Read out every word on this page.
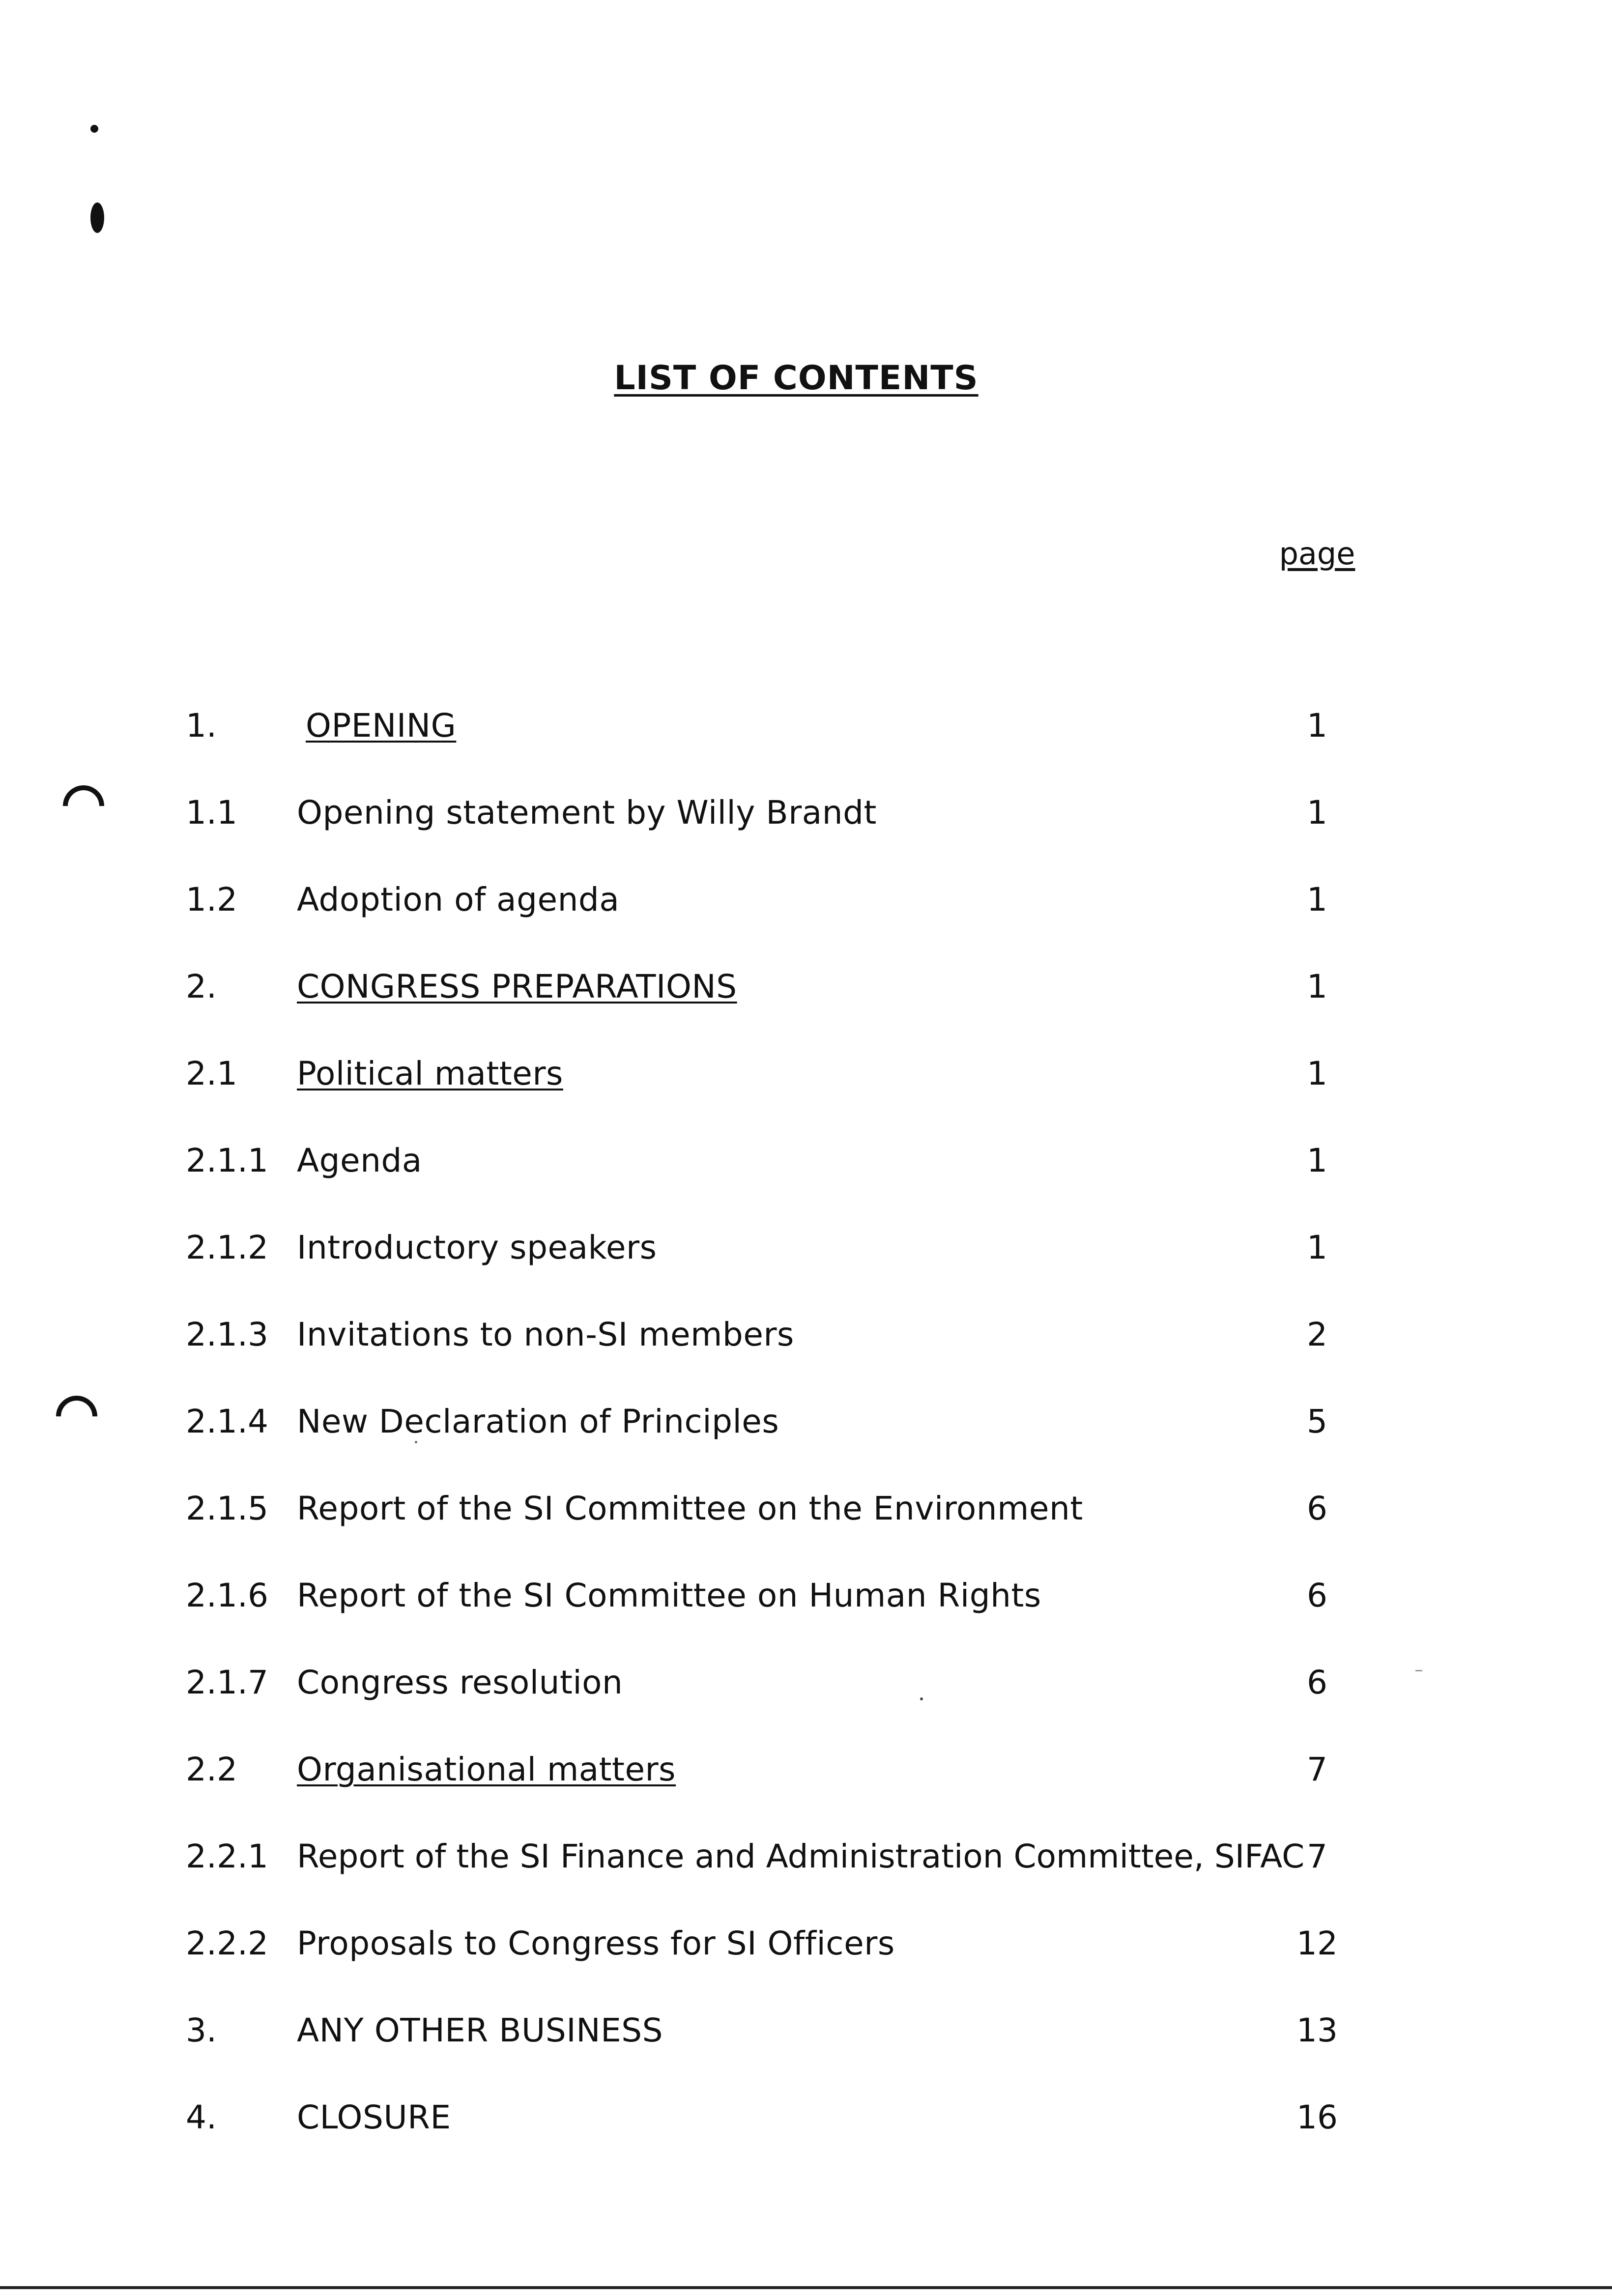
LIST OF CONTENTS
page
1.	OPENING	1
1.1 Opening statement by Willy Brandt	1
1.2 Adoption of agenda	1
2. CONGRESS PREPARATIONS	1
2.1 Political matters	1
2.1.1 Agenda	1
2.1.2 Introductory speakers	1
2.1.3 Invitations to non-SI members	2
2.1.4 New Declaration of Principles	5
2.1.5 Report of the SI Committee on the Environment	6
2.1.6 Report of the SI Committee on Human Rights	6
2.1.7 Congress resolution	6
2.2 Organisational matters	7
2.2.1 Report of the SI Finance and Administration Committee, SIFAC 7
2.2.2 Proposals to Congress for SI Officers	12
3. ANY OTHER BUSINESS	13
4. CLOSURE	16
